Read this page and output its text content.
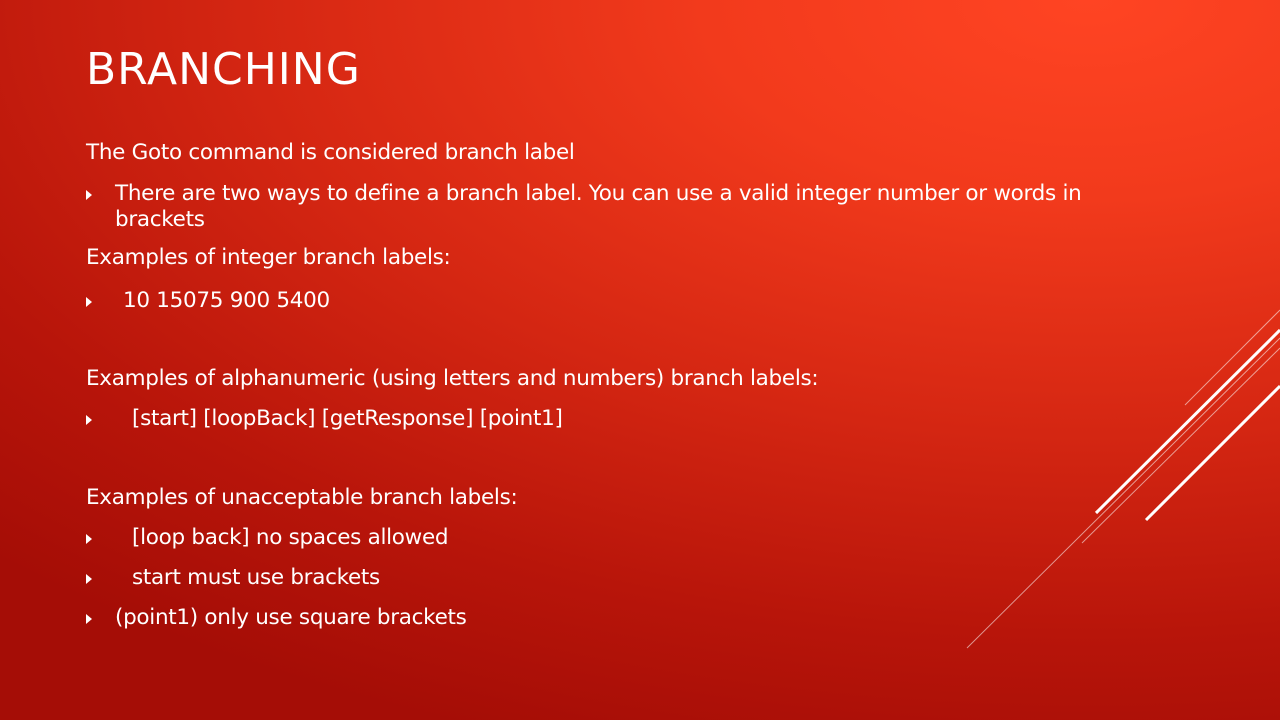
BRANCHING
The Goto command is considered branch label
There are two ways to define a branch label. You can use a valid integer number or words in brackets
Examples of integer branch labels:
10 15075 900 5400
Examples of alphanumeric (using letters and numbers) branch labels:
[start] [loopBack] [getResponse] [point1]
Examples of unacceptable branch labels:
[loop back] no spaces allowed
start must use brackets
(point1) only use square brackets
